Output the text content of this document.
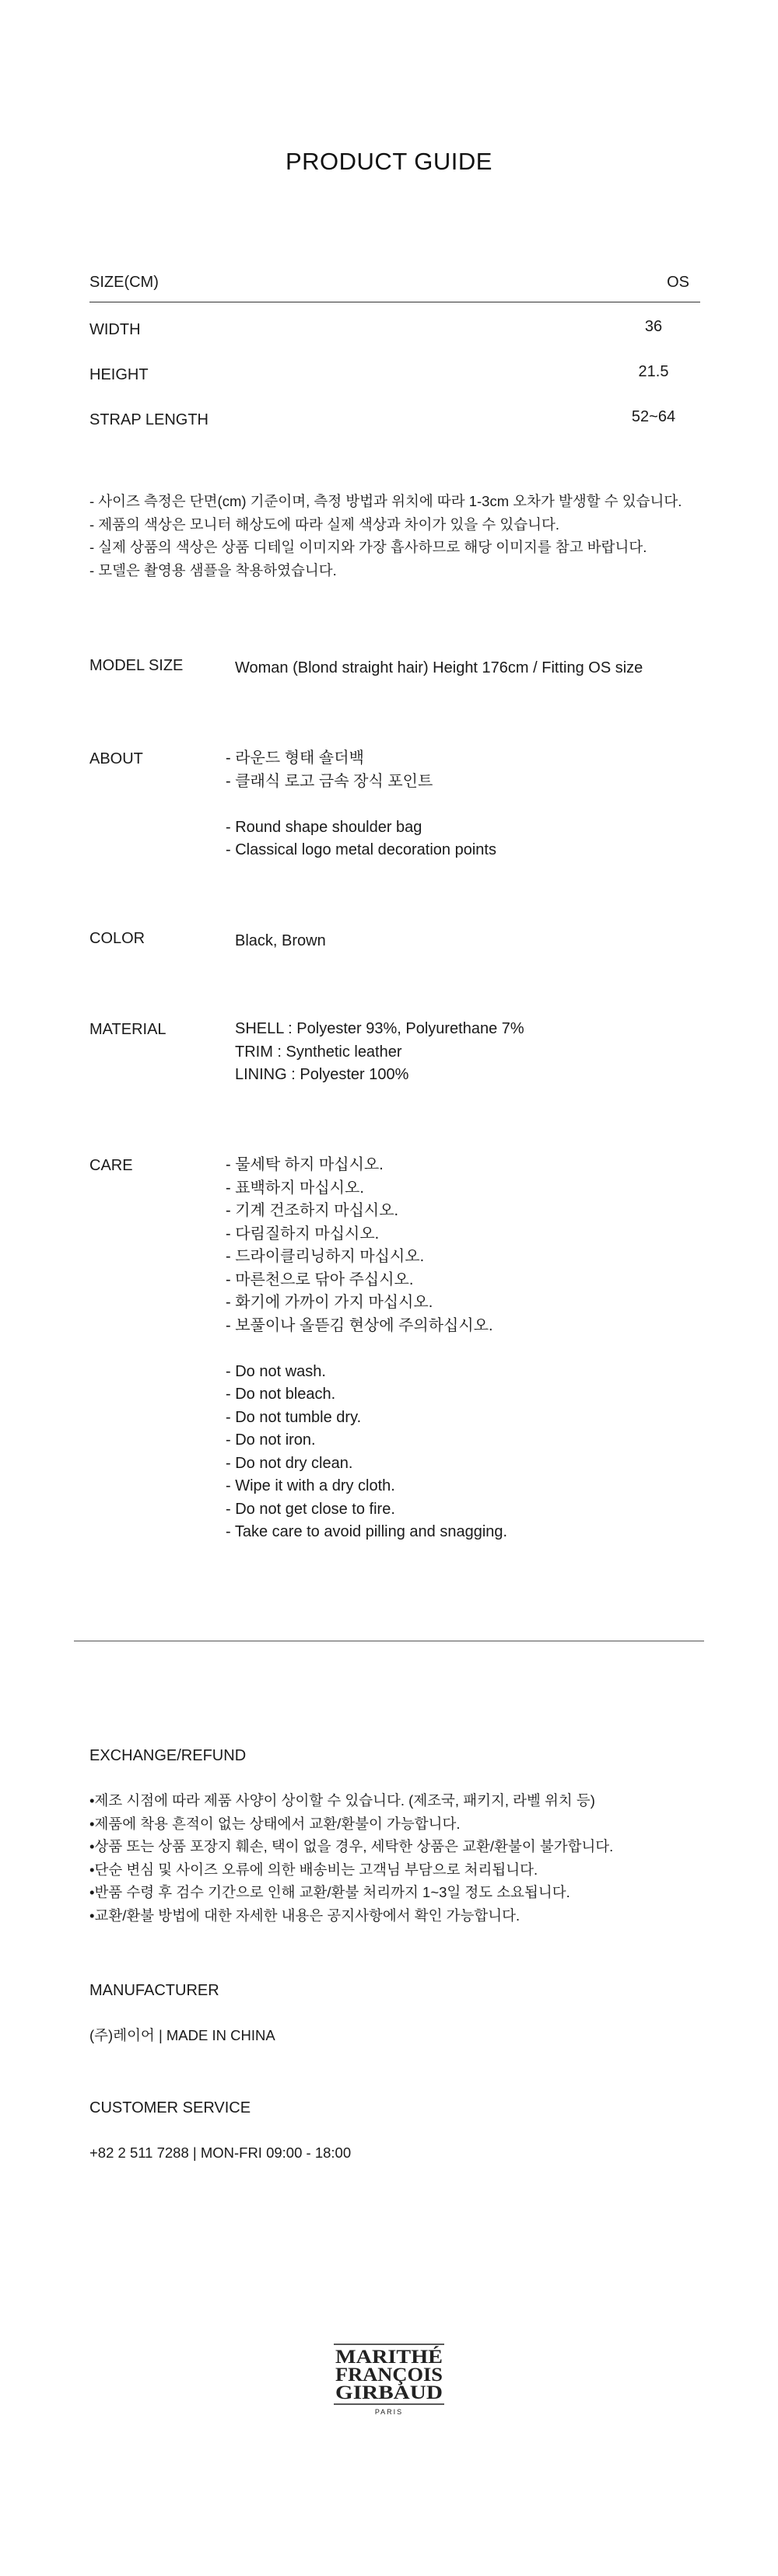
PRODUCT GUIDE
SIZE(CM)	OS
WIDTH	36
HEIGHT	21.5
STRAP LENGTH	52~64
- 사이즈 측정은 단면(cm) 기준이며, 측정 방법과 위치에 따라 1-3cm 오차가 발생할 수 있습니다.
- 제품의 색상은 모니터 해상도에 따라 실제 색상과 차이가 있을 수 있습니다.
- 실제 상품의 색상은 상품 디테일 이미지와 가장 흡사하므로 해당 이미지를 참고 바랍니다.
- 모델은 촬영용 샘플을 착용하였습니다.
MODEL SIZE	Woman (Blond straight hair) Height 176cm / Fitting OS size
ABOUT	- 라운드 형태 숄더백
- 클래식 로고 금속 장식 포인트
- Round shape shoulder bag
- Classical logo metal decoration points
COLOR	Black, Brown
MATERIAL	SHELL : Polyester 93%, Polyurethane 7%
TRIM : Synthetic leather
LINING : Polyester 100%
CARE	- 물세탁 하지 마십시오.
- 표백하지 마십시오.
- 기계 건조하지 마십시오.
- 다림질하지 마십시오.
- 드라이클리닝하지 마십시오.
- 마른천으로 닦아 주십시오.
- 화기에 가까이 가지 마십시오.
- 보풀이나 올뜯김 현상에 주의하십시오.
- Do not wash.
- Do not bleach.
- Do not tumble dry.
- Do not iron.
- Do not dry clean.
- Wipe it with a dry cloth.
- Do not get close to fire.
- Take care to avoid pilling and snagging.
EXCHANGE/REFUND
•제조 시점에 따라 제품 사양이 상이할 수 있습니다. (제조국, 패키지, 라벨 위치 등)
•제품에 착용 흔적이 없는 상태에서 교환/환불이 가능합니다.
•상품 또는 상품 포장지 훼손, 택이 없을 경우, 세탁한 상품은 교환/환불이 불가합니다.
•단순 변심 및 사이즈 오류에 의한 배송비는 고객님 부담으로 처리됩니다.
•반품 수령 후 검수 기간으로 인해 교환/환불 처리까지 1~3일 정도 소요됩니다.
•교환/환불 방법에 대한 자세한 내용은 공지사항에서 확인 가능합니다.
MANUFACTURER
(주)레이어 | MADE IN CHINA
CUSTOMER SERVICE
+82 2 511 7288 | MON-FRI 09:00 - 18:00
MARITHÉ
FRANÇOIS
GIRBAUD
PARIS
